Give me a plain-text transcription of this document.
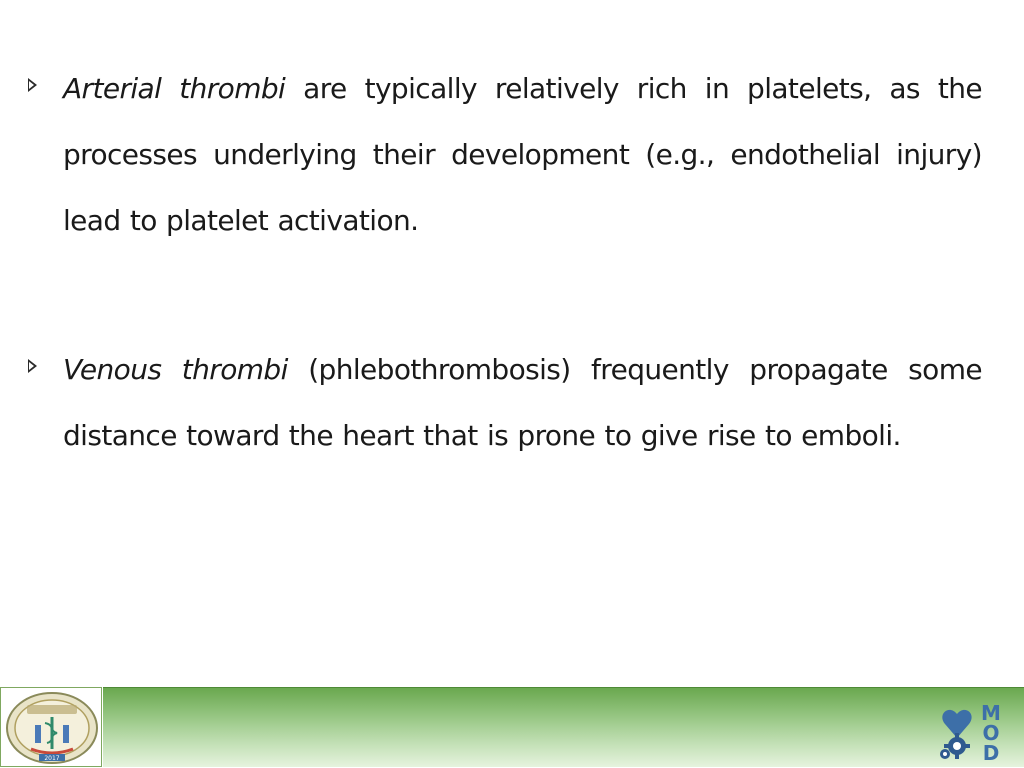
Arterial thrombi are typically relatively rich in platelets, as the processes underlying their development (e.g., endothelial injury) lead to platelet activation.
Venous thrombi (phlebothrombosis) frequently propagate some distance toward the heart that is prone to give rise to emboli.
2017
M
O
D
